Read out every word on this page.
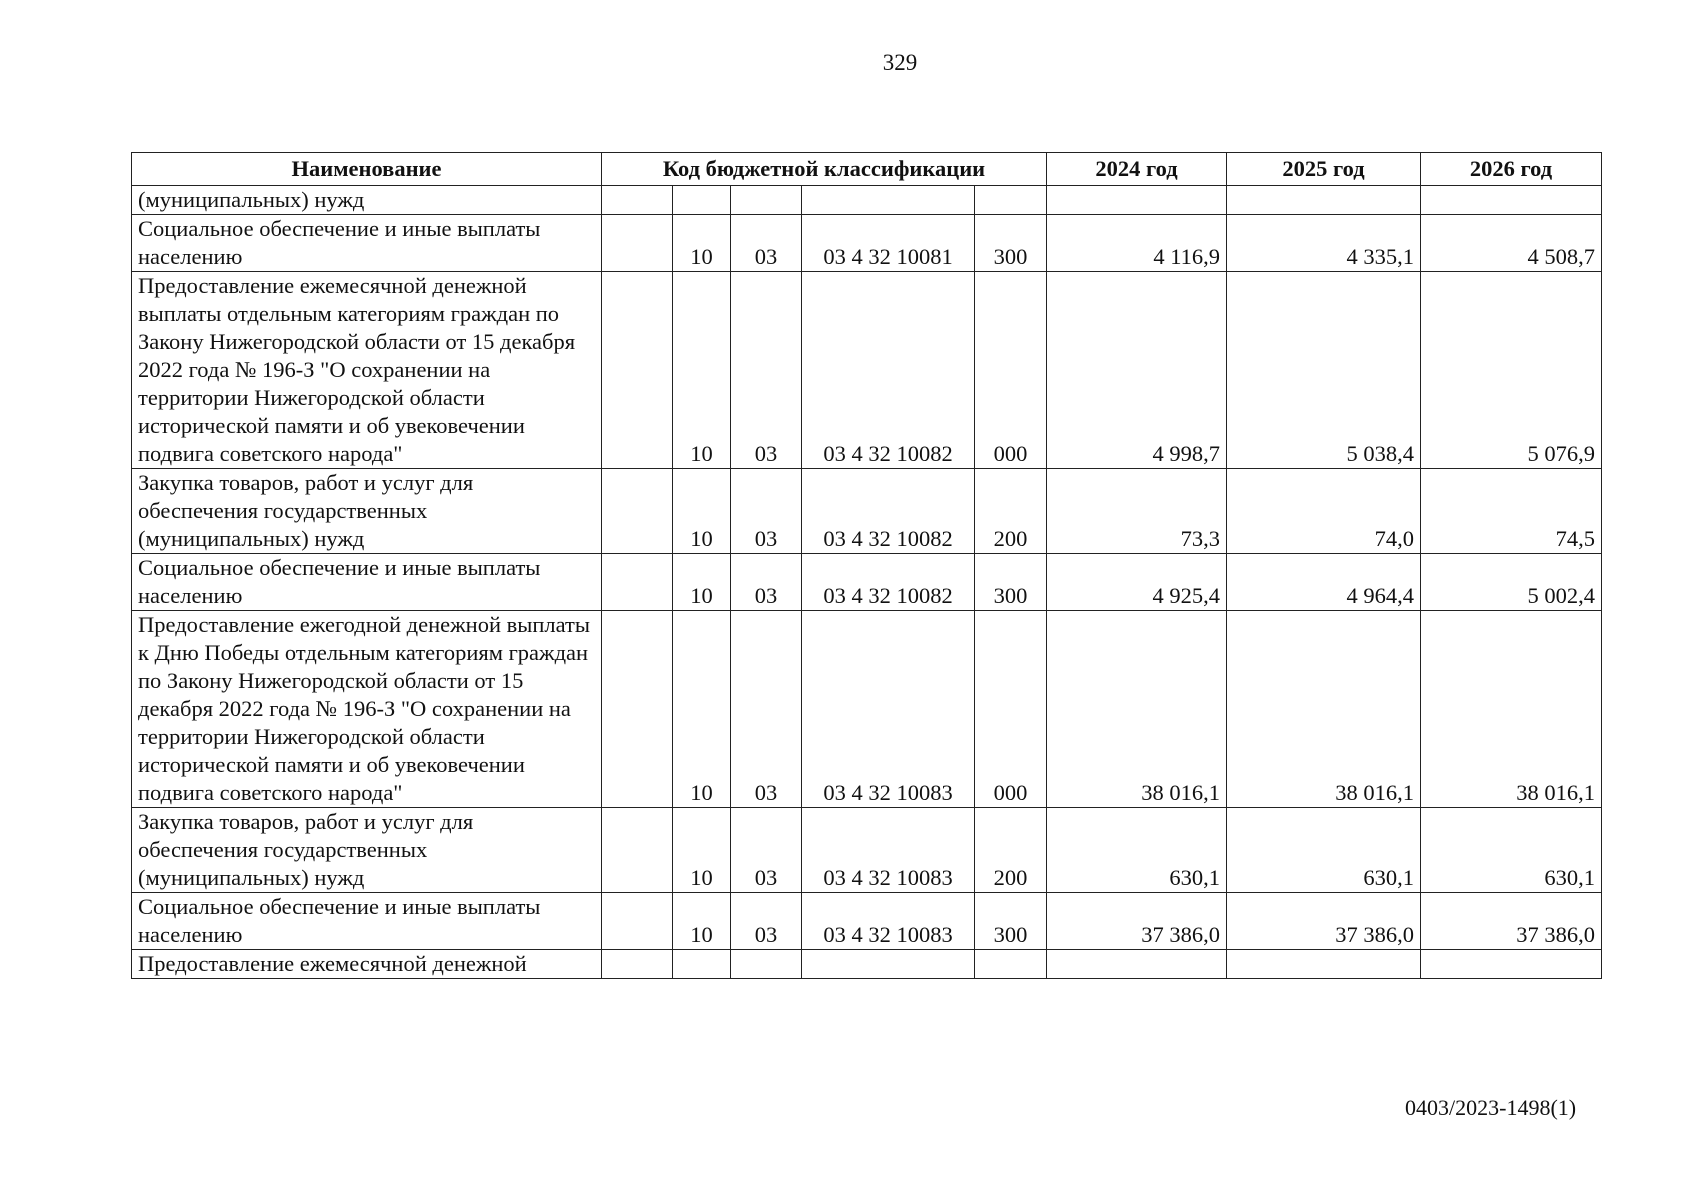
329
Наименование	Код бюджетной классификации					2024 год	2025 год	2026 год
(муниципальных) нужд								
Социальное обеспечение и иные выплаты населению		10	03	03 4 32 10081	300	4 116,9	4 335,1	4 508,7
Предоставление ежемесячной денежной выплаты отдельным категориям граждан по Закону Нижегородской области от 15 декабря 2022 года № 196-З "О сохранении на территории Нижегородской области исторической памяти и об увековечении подвига советского народа"		10	03	03 4 32 10082	000	4 998,7	5 038,4	5 076,9
Закупка товаров, работ и услуг для обеспечения государственных (муниципальных) нужд		10	03	03 4 32 10082	200	73,3	74,0	74,5
Социальное обеспечение и иные выплаты населению		10	03	03 4 32 10082	300	4 925,4	4 964,4	5 002,4
Предоставление ежегодной денежной выплаты к Дню Победы отдельным категориям граждан по Закону Нижегородской области от 15 декабря 2022 года № 196-З "О сохранении на территории Нижегородской области исторической памяти и об увековечении подвига советского народа"		10	03	03 4 32 10083	000	38 016,1	38 016,1	38 016,1
Закупка товаров, работ и услуг для обеспечения государственных (муниципальных) нужд		10	03	03 4 32 10083	200	630,1	630,1	630,1
Социальное обеспечение и иные выплаты населению		10	03	03 4 32 10083	300	37 386,0	37 386,0	37 386,0
Предоставление ежемесячной денежной								
0403/2023-1498(1)
